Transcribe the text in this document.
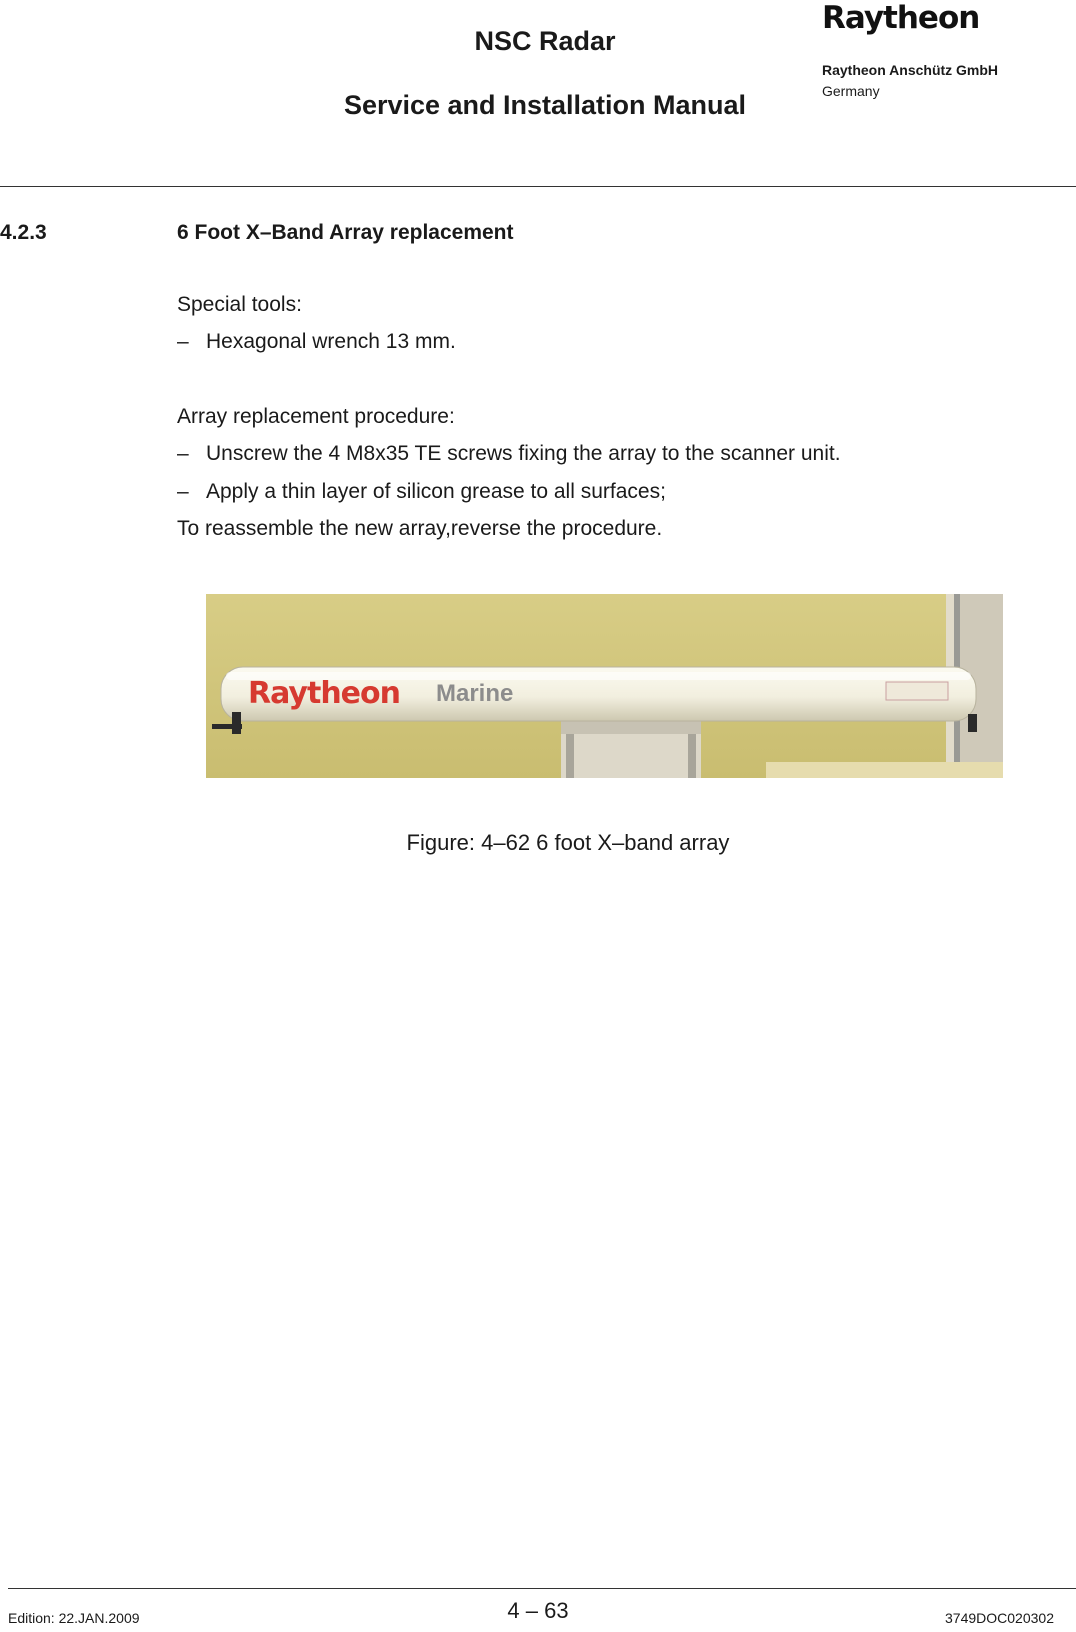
NSC Radar
Service and Installation Manual
Raytheon
Raytheon Anschütz GmbH
Germany
4.2.3	6 Foot X–Band Array replacement
Special tools:
– Hexagonal wrench 13 mm.
Array replacement procedure:
– Unscrew the 4 M8x35 TE screws fixing the array to the scanner unit.
– Apply a thin layer of silicon grease to all surfaces;
To reassemble the new array,reverse the procedure.
Raytheon Marine
Figure: 4–62 6 foot X–band array
Edition: 22.JAN.2009	4 – 63	3749DOC020302
